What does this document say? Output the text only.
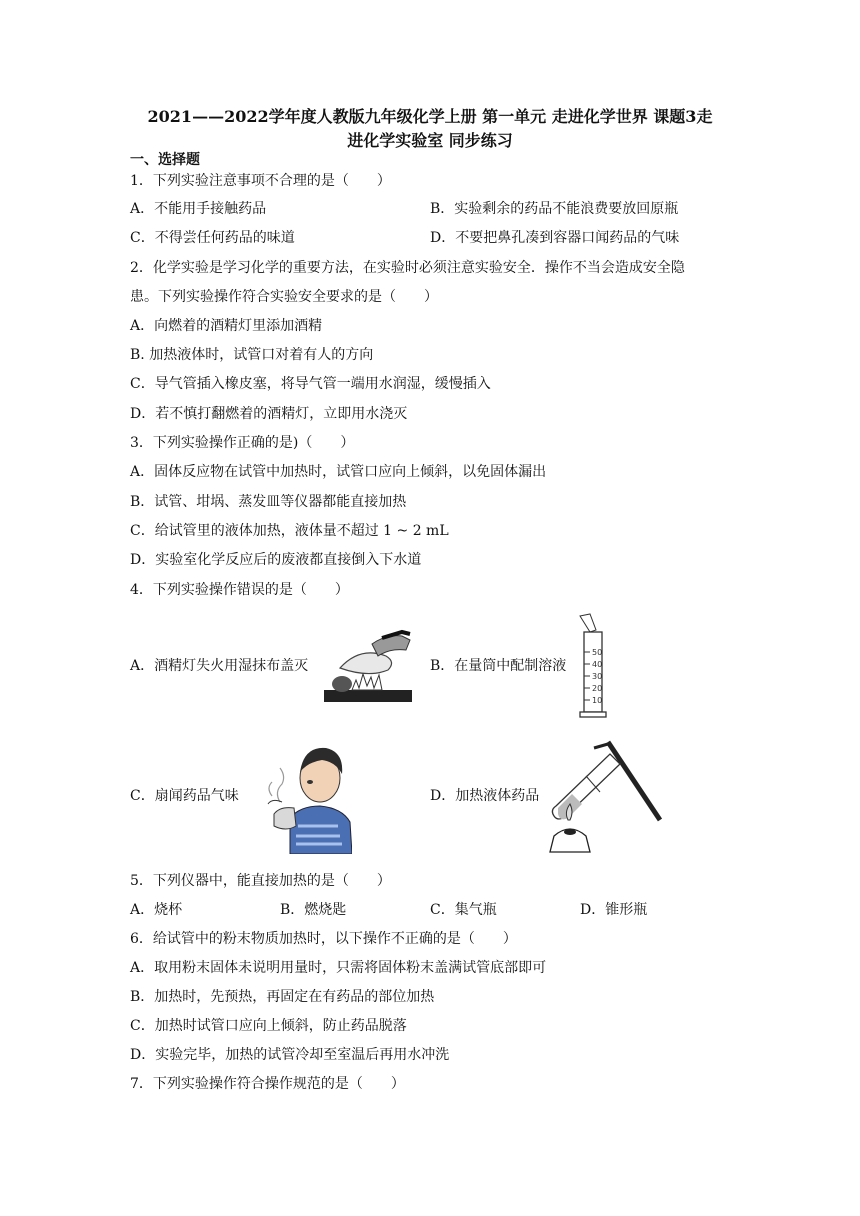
2021——2022学年度人教版九年级化学上册 第一单元 走进化学世界 课题3走
进化学实验室 同步练习
一、选择题
1．下列实验注意事项不合理的是（　　）
A．不能用手接触药品	B．实验剩余的药品不能浪费要放回原瓶
C．不得尝任何药品的味道	D．不要把鼻孔凑到容器口闻药品的气味
2．化学实验是学习化学的重要方法，在实验时必须注意实验安全．操作不当会造成安全隐
患。下列实验操作符合实验安全要求的是（　　）
A．向燃着的酒精灯里添加酒精
B. 加热液体时，试管口对着有人的方向
C．导气管插入橡皮塞，将导气管一端用水润湿，缓慢插入
D．若不慎打翻燃着的酒精灯，立即用水浇灭
3．下列实验操作正确的是)（　　）
A．固体反应物在试管中加热时，试管口应向上倾斜，以免固体漏出
B．试管、坩埚、蒸发皿等仪器都能直接加热
C．给试管里的液体加热，液体量不超过 1 ~ 2 mL
D．实验室化学反应后的废液都直接倒入下水道
4．下列实验操作错误的是（　　）
A．酒精灯失火用湿抹布盖灭	B．在量筒中配制溶液
C．扇闻药品气味	D．加热液体药品
50
40
30
20
10
5．下列仪器中，能直接加热的是（　　）
A．烧杯	B．燃烧匙	C．集气瓶	D．锥形瓶
6．给试管中的粉末物质加热时，以下操作不正确的是（　　）
A．取用粉末固体未说明用量时，只需将固体粉末盖满试管底部即可
B．加热时，先预热，再固定在有药品的部位加热
C．加热时试管口应向上倾斜，防止药品脱落
D．实验完毕，加热的试管冷却至室温后再用水冲洗
7．下列实验操作符合操作规范的是（　　）
